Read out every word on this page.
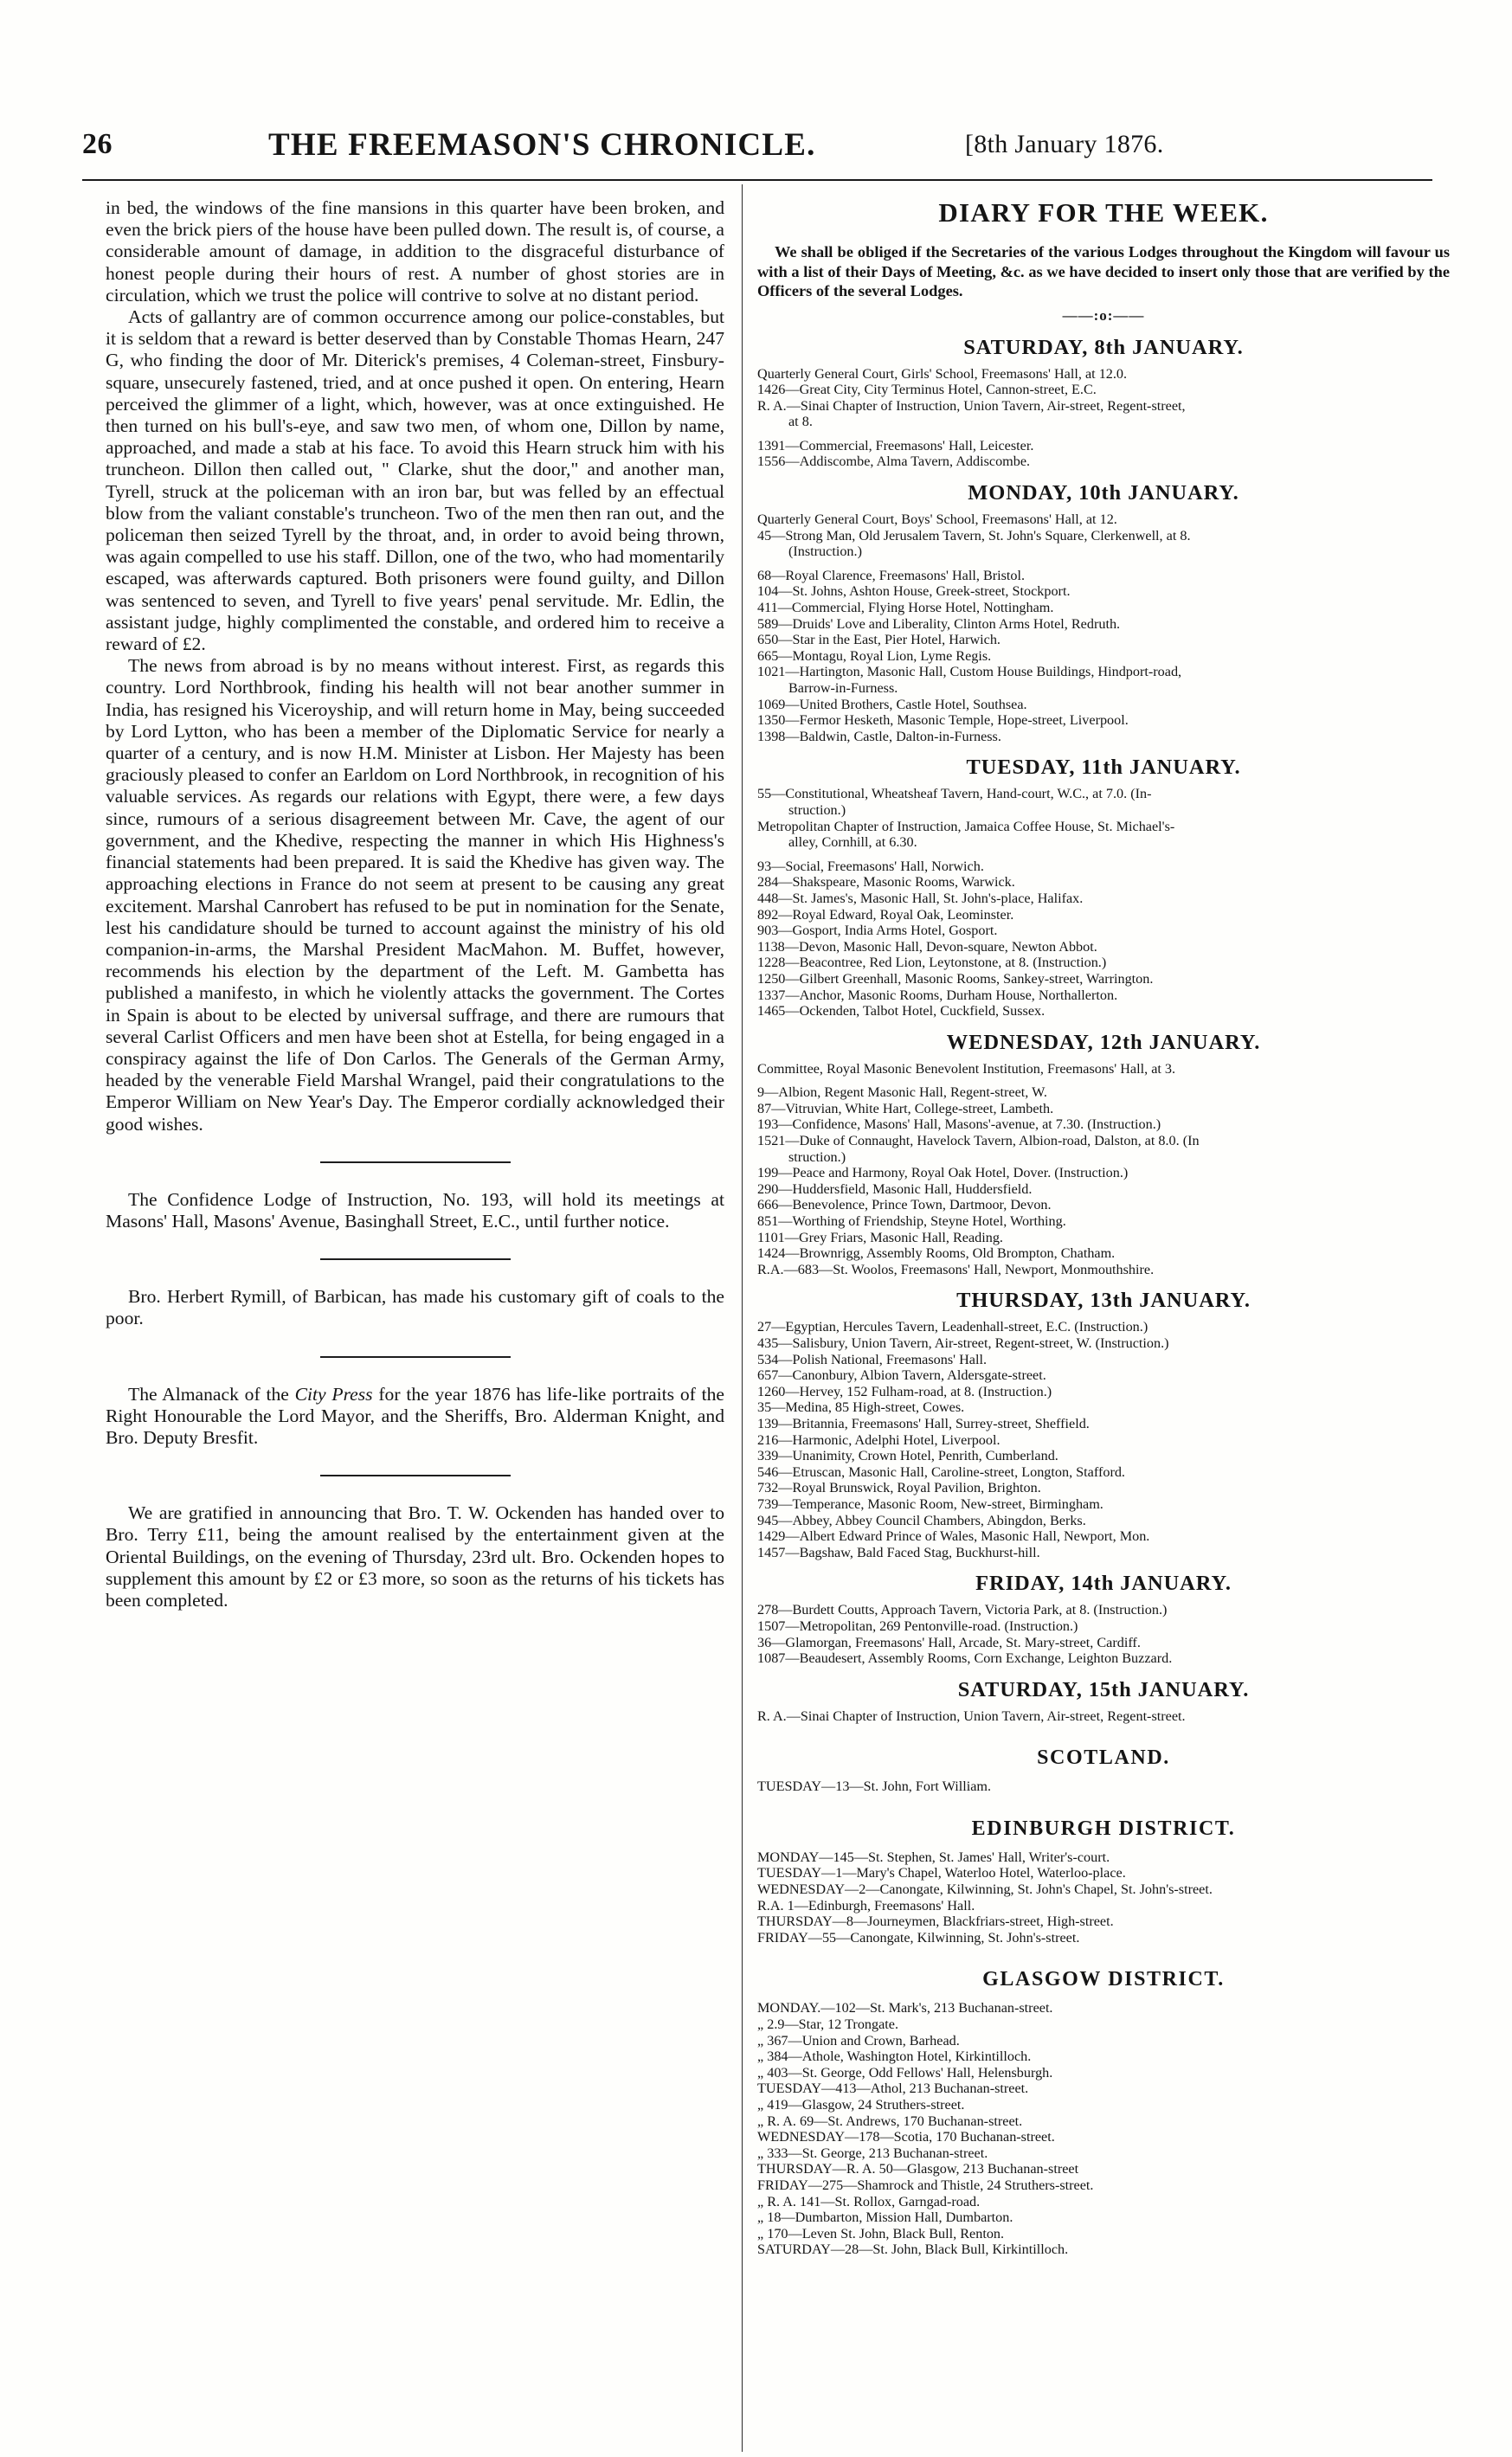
26	THE FREEMASON'S CHRONICLE.	[8th January 1876.

in bed, the windows of the fine mansions in this quarter have been broken, and even the brick piers of the house have been pulled down. The result is, of course, a considerable amount of damage, in addition to the disgraceful disturbance of honest people during their hours of rest. A number of ghost stories are in circulation, which we trust the police will contrive to solve at no distant period.

Acts of gallantry are of common occurrence among our police-constables, but it is seldom that a reward is better deserved than by Constable Thomas Hearn, 247 G, who finding the door of Mr. Diterick's premises, 4 Coleman-street, Finsbury-square, unsecurely fastened, tried, and at once pushed it open. On entering, Hearn perceived the glimmer of a light, which, however, was at once extinguished. He then turned on his bull's-eye, and saw two men, of whom one, Dillon by name, approached, and made a stab at his face. To avoid this Hearn struck him with his truncheon. Dillon then called out, " Clarke, shut the door," and another man, Tyrell, struck at the policeman with an iron bar, but was felled by an effectual blow from the valiant constable's truncheon. Two of the men then ran out, and the policeman then seized Tyrell by the throat, and, in order to avoid being thrown, was again compelled to use his staff. Dillon, one of the two, who had momentarily escaped, was afterwards captured. Both prisoners were found guilty, and Dillon was sentenced to seven, and Tyrell to five years' penal servitude. Mr. Edlin, the assistant judge, highly complimented the constable, and ordered him to receive a reward of £2.

The news from abroad is by no means without interest. First, as regards this country. Lord Northbrook, finding his health will not bear another summer in India, has resigned his Viceroyship, and will return home in May, being succeeded by Lord Lytton, who has been a member of the Diplomatic Service for nearly a quarter of a century, and is now H.M. Minister at Lisbon. Her Majesty has been graciously pleased to confer an Earldom on Lord Northbrook, in recognition of his valuable services. As regards our relations with Egypt, there were, a few days since, rumours of a serious disagreement between Mr. Cave, the agent of our government, and the Khedive, respecting the manner in which His Highness's financial statements had been prepared. It is said the Khedive has given way. The approaching elections in France do not seem at present to be causing any great excitement. Marshal Canrobert has refused to be put in nomination for the Senate, lest his candidature should be turned to account against the ministry of his old companion-in-arms, the Marshal President MacMahon. M. Buffet, however, recommends his election by the department of the Left. M. Gambetta has published a manifesto, in which he violently attacks the government. The Cortes in Spain is about to be elected by universal suffrage, and there are rumours that several Carlist Officers and men have been shot at Estella, for being engaged in a conspiracy against the life of Don Carlos. The Generals of the German Army, headed by the venerable Field Marshal Wrangel, paid their congratulations to the Emperor William on New Year's Day. The Emperor cordially acknowledged their good wishes.

The Confidence Lodge of Instruction, No. 193, will hold its meetings at Masons' Hall, Masons' Avenue, Basinghall Street, E.C., until further notice.

Bro. Herbert Rymill, of Barbican, has made his customary gift of coals to the poor.

The Almanack of the City Press for the year 1876 has life-like portraits of the Right Honourable the Lord Mayor, and the Sheriffs, Bro. Alderman Knight, and Bro. Deputy Bresfit.

We are gratified in announcing that Bro. T. W. Ockenden has handed over to Bro. Terry £11, being the amount realised by the entertainment given at the Oriental Buildings, on the evening of Thursday, 23rd ult. Bro. Ockenden hopes to supplement this amount by £2 or £3 more, so soon as the returns of his tickets has been completed.

DIARY FOR THE WEEK.

We shall be obliged if the Secretaries of the various Lodges throughout the Kingdom will favour us with a list of their Days of Meeting, &c. as we have decided to insert only those that are verified by the Officers of the several Lodges.

——:o:——
SATURDAY, 8th JANUARY.
Quarterly General Court, Girls' School, Freemasons' Hall, at 12.0.
1426—Great City, City Terminus Hotel, Cannon-street, E.C.
R. A.—Sinai Chapter of Instruction, Union Tavern, Air-street, Regent-street,
at 8.

1391—Commercial, Freemasons' Hall, Leicester.
1556—Addiscombe, Alma Tavern, Addiscombe.
MONDAY, 10th JANUARY.
Quarterly General Court, Boys' School, Freemasons' Hall, at 12.
45—Strong Man, Old Jerusalem Tavern, St. John's Square, Clerkenwell, at 8.
(Instruction.)

68—Royal Clarence, Freemasons' Hall, Bristol.
104—St. Johns, Ashton House, Greek-street, Stockport.
411—Commercial, Flying Horse Hotel, Nottingham.
589—Druids' Love and Liberality, Clinton Arms Hotel, Redruth.
650—Star in the East, Pier Hotel, Harwich.
665—Montagu, Royal Lion, Lyme Regis.
1021—Hartington, Masonic Hall, Custom House Buildings, Hindport-road,
Barrow-in-Furness.
1069—United Brothers, Castle Hotel, Southsea.
1350—Fermor Hesketh, Masonic Temple, Hope-street, Liverpool.
1398—Baldwin, Castle, Dalton-in-Furness.
TUESDAY, 11th JANUARY.
55—Constitutional, Wheatsheaf Tavern, Hand-court, W.C., at 7.0. (In-
struction.)
Metropolitan Chapter of Instruction, Jamaica Coffee House, St. Michael's-
alley, Cornhill, at 6.30.

93—Social, Freemasons' Hall, Norwich.
284—Shakspeare, Masonic Rooms, Warwick.
448—St. James's, Masonic Hall, St. John's-place, Halifax.
892—Royal Edward, Royal Oak, Leominster.
903—Gosport, India Arms Hotel, Gosport.
1138—Devon, Masonic Hall, Devon-square, Newton Abbot.
1228—Beacontree, Red Lion, Leytonstone, at 8. (Instruction.)
1250—Gilbert Greenhall, Masonic Rooms, Sankey-street, Warrington.
1337—Anchor, Masonic Rooms, Durham House, Northallerton.
1465—Ockenden, Talbot Hotel, Cuckfield, Sussex.
WEDNESDAY, 12th JANUARY.
Committee, Royal Masonic Benevolent Institution, Freemasons' Hall, at 3.

9—Albion, Regent Masonic Hall, Regent-street, W.
87—Vitruvian, White Hart, College-street, Lambeth.
193—Confidence, Masons' Hall, Masons'-avenue, at 7.30. (Instruction.)
1521—Duke of Connaught, Havelock Tavern, Albion-road, Dalston, at 8.0. (In
struction.)
199—Peace and Harmony, Royal Oak Hotel, Dover. (Instruction.)
290—Huddersfield, Masonic Hall, Huddersfield.
666—Benevolence, Prince Town, Dartmoor, Devon.
851—Worthing of Friendship, Steyne Hotel, Worthing.
1101—Grey Friars, Masonic Hall, Reading.
1424—Brownrigg, Assembly Rooms, Old Brompton, Chatham.
R.A.—683—St. Woolos, Freemasons' Hall, Newport, Monmouthshire.
THURSDAY, 13th JANUARY.
27—Egyptian, Hercules Tavern, Leadenhall-street, E.C. (Instruction.)
435—Salisbury, Union Tavern, Air-street, Regent-street, W. (Instruction.)
534—Polish National, Freemasons' Hall.
657—Canonbury, Albion Tavern, Aldersgate-street.
1260—Hervey, 152 Fulham-road, at 8. (Instruction.)
35—Medina, 85 High-street, Cowes.
139—Britannia, Freemasons' Hall, Surrey-street, Sheffield.
216—Harmonic, Adelphi Hotel, Liverpool.
339—Unanimity, Crown Hotel, Penrith, Cumberland.
546—Etruscan, Masonic Hall, Caroline-street, Longton, Stafford.
732—Royal Brunswick, Royal Pavilion, Brighton.
739—Temperance, Masonic Room, New-street, Birmingham.
945—Abbey, Abbey Council Chambers, Abingdon, Berks.
1429—Albert Edward Prince of Wales, Masonic Hall, Newport, Mon.
1457—Bagshaw, Bald Faced Stag, Buckhurst-hill.
FRIDAY, 14th JANUARY.
278—Burdett Coutts, Approach Tavern, Victoria Park, at 8. (Instruction.)
1507—Metropolitan, 269 Pentonville-road. (Instruction.)
36—Glamorgan, Freemasons' Hall, Arcade, St. Mary-street, Cardiff.
1087—Beaudesert, Assembly Rooms, Corn Exchange, Leighton Buzzard.
SATURDAY, 15th JANUARY.
R. A.—Sinai Chapter of Instruction, Union Tavern, Air-street, Regent-street.
SCOTLAND.
TUESDAY—13—St. John, Fort William.
EDINBURGH DISTRICT.
MONDAY—145—St. Stephen, St. James' Hall, Writer's-court.
TUESDAY—1—Mary's Chapel, Waterloo Hotel, Waterloo-place.
WEDNESDAY—2—Canongate, Kilwinning, St. John's Chapel, St. John's-street.
R.A. 1—Edinburgh, Freemasons' Hall.
THURSDAY—8—Journeymen, Blackfriars-street, High-street.
FRIDAY—55—Canongate, Kilwinning, St. John's-street.
GLASGOW DISTRICT.
MONDAY.—102—St. Mark's, 213 Buchanan-street.
„ 2.9—Star, 12 Trongate.
„ 367—Union and Crown, Barhead.
„ 384—Athole, Washington Hotel, Kirkintilloch.
„ 403—St. George, Odd Fellows' Hall, Helensburgh.
TUESDAY—413—Athol, 213 Buchanan-street.
„ 419—Glasgow, 24 Struthers-street.
„ R. A. 69—St. Andrews, 170 Buchanan-street.
WEDNESDAY—178—Scotia, 170 Buchanan-street.
„ 333—St. George, 213 Buchanan-street.
THURSDAY—R. A. 50—Glasgow, 213 Buchanan-street
FRIDAY—275—Shamrock and Thistle, 24 Struthers-street.
„ R. A. 141—St. Rollox, Garngad-road.
„ 18—Dumbarton, Mission Hall, Dumbarton.
„ 170—Leven St. John, Black Bull, Renton.
SATURDAY—28—St. John, Black Bull, Kirkintilloch.
